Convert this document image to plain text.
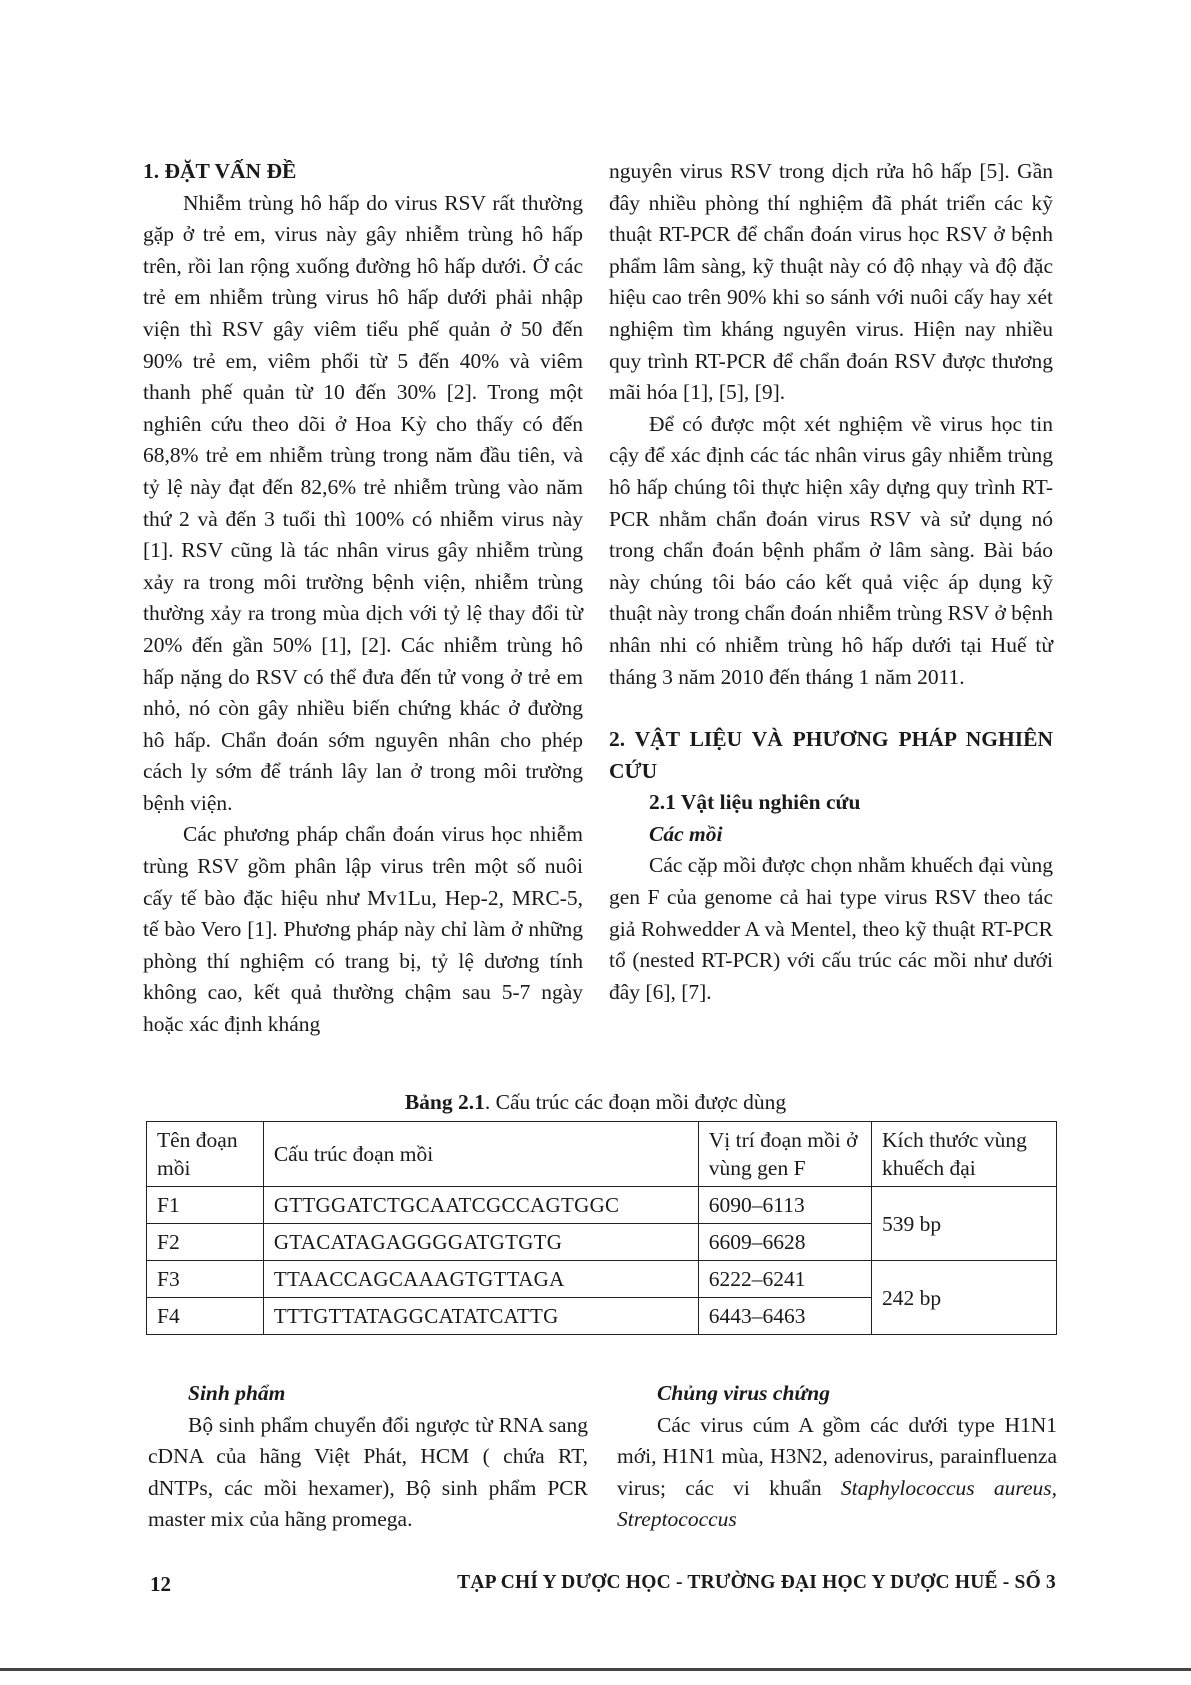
1. ĐẶT VẤN ĐỀ

Nhiễm trùng hô hấp do virus RSV rất thường gặp ở trẻ em, virus này gây nhiễm trùng hô hấp trên, rồi lan rộng xuống đường hô hấp dưới. Ở các trẻ em nhiễm trùng virus hô hấp dưới phải nhập viện thì RSV gây viêm tiểu phế quản ở 50 đến 90% trẻ em, viêm phổi từ 5 đến 40% và viêm thanh phế quản từ 10 đến 30% [2]. Trong một nghiên cứu theo dõi ở Hoa Kỳ cho thấy có đến 68,8% trẻ em nhiễm trùng trong năm đầu tiên, và tỷ lệ này đạt đến 82,6% trẻ nhiễm trùng vào năm thứ 2 và đến 3 tuổi thì 100% có nhiễm virus này [1]. RSV cũng là tác nhân virus gây nhiễm trùng xảy ra trong môi trường bệnh viện, nhiễm trùng thường xảy ra trong mùa dịch với tỷ lệ thay đổi từ 20% đến gần 50% [1], [2]. Các nhiễm trùng hô hấp nặng do RSV có thể đưa đến tử vong ở trẻ em nhỏ, nó còn gây nhiều biến chứng khác ở đường hô hấp. Chẩn đoán sớm nguyên nhân cho phép cách ly sớm để tránh lây lan ở trong môi trường bệnh viện.

Các phương pháp chẩn đoán virus học nhiễm trùng RSV gồm phân lập virus trên một số nuôi cấy tế bào đặc hiệu như Mv1Lu, Hep-2, MRC-5, tế bào Vero [1]. Phương pháp này chỉ làm ở những phòng thí nghiệm có trang bị, tỷ lệ dương tính không cao, kết quả thường chậm sau 5-7 ngày hoặc xác định kháng

nguyên virus RSV trong dịch rửa hô hấp [5]. Gần đây nhiều phòng thí nghiệm đã phát triển các kỹ thuật RT-PCR để chẩn đoán virus học RSV ở bệnh phẩm lâm sàng, kỹ thuật này có độ nhạy và độ đặc hiệu cao trên 90% khi so sánh với nuôi cấy hay xét nghiệm tìm kháng nguyên virus. Hiện nay nhiều quy trình RT-PCR để chẩn đoán RSV được thương mãi hóa [1], [5], [9].

Để có được một xét nghiệm về virus học tin cậy để xác định các tác nhân virus gây nhiễm trùng hô hấp chúng tôi thực hiện xây dựng quy trình RT-PCR nhằm chẩn đoán virus RSV và sử dụng nó trong chẩn đoán bệnh phẩm ở lâm sàng. Bài báo này chúng tôi báo cáo kết quả việc áp dụng kỹ thuật này trong chẩn đoán nhiễm trùng RSV ở bệnh nhân nhi có nhiễm trùng hô hấp dưới tại Huế từ tháng 3 năm 2010 đến tháng 1 năm 2011.

2. VẬT LIỆU VÀ PHƯƠNG PHÁP NGHIÊN CỨU

2.1 Vật liệu nghiên cứu

Các mồi

Các cặp mồi được chọn nhằm khuếch đại vùng gen F của genome cả hai type virus RSV theo tác giả Rohwedder A và Mentel, theo kỹ thuật RT-PCR tổ (nested RT-PCR) với cấu trúc các mồi như dưới đây [6], [7].

Bảng 2.1. Cấu trúc các đoạn mồi được dùng
Tên đoạn mồi	Cấu trúc đoạn mồi	Vị trí đoạn mồi ở vùng gen F	Kích thước vùng khuếch đại
F1	GTTGGATCTGCAATCGCCAGTGGC	6090–6113	539 bp
F2	GTACATAGAGGGGATGTGTG	6609–6628	
F3	TTAACCAGCAAAGTGTTAGA	6222–6241	242 bp
F4	TTTGTTATAGGCATATCATTG	6443–6463	

Sinh phẩm

Bộ sinh phẩm chuyển đổi ngược từ RNA sang cDNA của hãng Việt Phát, HCM ( chứa RT, dNTPs, các mồi hexamer), Bộ sinh phẩm PCR master mix của hãng promega.

Chủng virus chứng

Các virus cúm A gồm các dưới type H1N1 mới, H1N1 mùa, H3N2, adenovirus, parainfluenza virus; các vi khuẩn Staphylococcus aureus, Streptococcus

12	TẠP CHÍ Y DƯỢC HỌC - TRƯỜNG ĐẠI HỌC Y DƯỢC HUẾ - SỐ 3
